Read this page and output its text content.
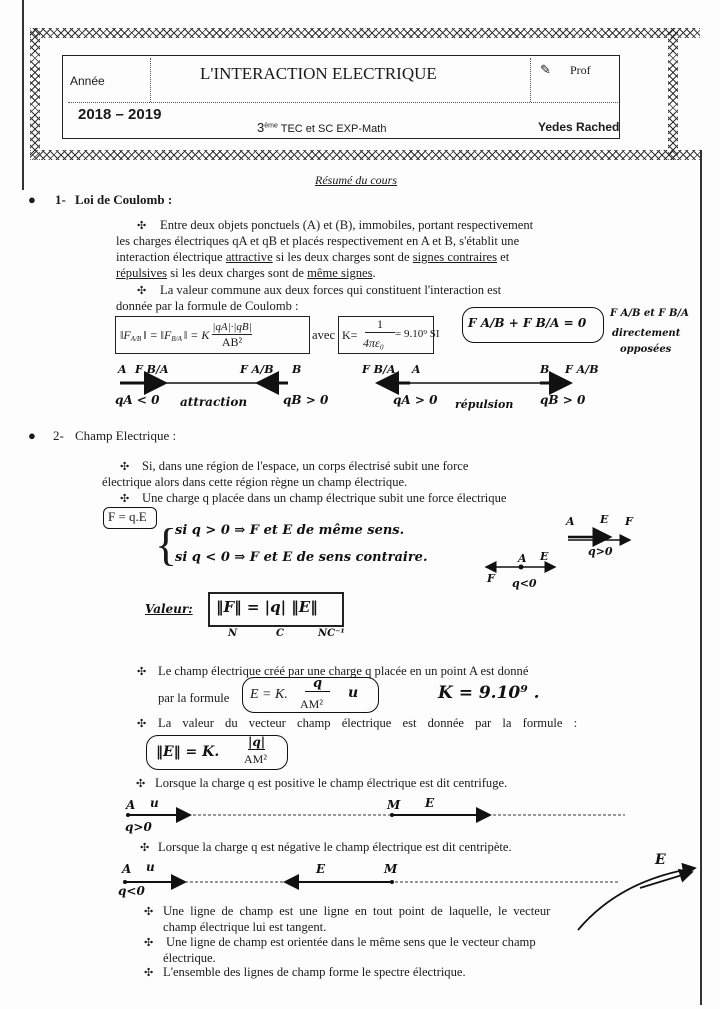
Année	L'INTERACTION ELECTRIQUE	✎ Prof
2018 – 2019
3ème TEC et SC EXP-Math	Yedes Rached
Résumé du cours
● 1- Loi de Coulomb :
✣ Entre deux objets ponctuels (A) et (B), immobiles, portant respectivement
les charges électriques qA et qB et placés respectivement en A et B, s'établit une
interaction électrique attractive si les deux charges sont de signes contraires et
répulsives si les deux charges sont de même signes.
✣ La valeur commune aux deux forces qui constituent l'interaction est
donnée par la formule de Coulomb :
$‖F_{A/B}$ ‖ = $‖F_{B/A}$ ‖ = K $\frac{|qA|\cdot|qB|}{\text{AB²}}$	avec K=
1
4πε₀
= 9.10⁹ SI
F A/B + F B/A = 0
F A/B et F B/A
directement
opposées
A F B/A	F A/B B
qA < 0 attraction	qB > 0
F B/A A	B F A/B
qA > 0 répulsion qB > 0
● 2- Champ Electrique :
✣ Si, dans une région de l'espace, un corps électrisé subit une force
électrique alors dans cette région règne un champ électrique.
✣ Une charge q placée dans un champ électrique subit une force électrique
F = q.E
{
si q > 0 ⇒ F et E de même sens.
si q < 0 ⇒ F et E de sens contraire.
A E F
q>0
A E
F q<0
Valeur: ‖F‖ = |q| ‖E‖
N	C	NC⁻¹
✣ Le champ électrique créé par une charge q placée en un point A est donné
par la formule E = K.
q
AM²
u	K = 9.10⁹ .
✣ La valeur du vecteur champ électrique est donnée par la formule :
‖E‖ = K.
|q|
AM²
✣ Lorsque la charge q est positive le champ électrique est dit centrifuge.
A u	M E
q>0
✣ Lorsque la charge q est négative le champ électrique est dit centripète.
A u	E	M
q<0
E
✣ Une ligne de champ est une ligne en tout point de laquelle, le vecteur
champ électrique lui est tangent.
✣ Une ligne de champ est orientée dans le même sens que le vecteur champ
électrique.
✣ L'ensemble des lignes de champ forme le spectre électrique.
